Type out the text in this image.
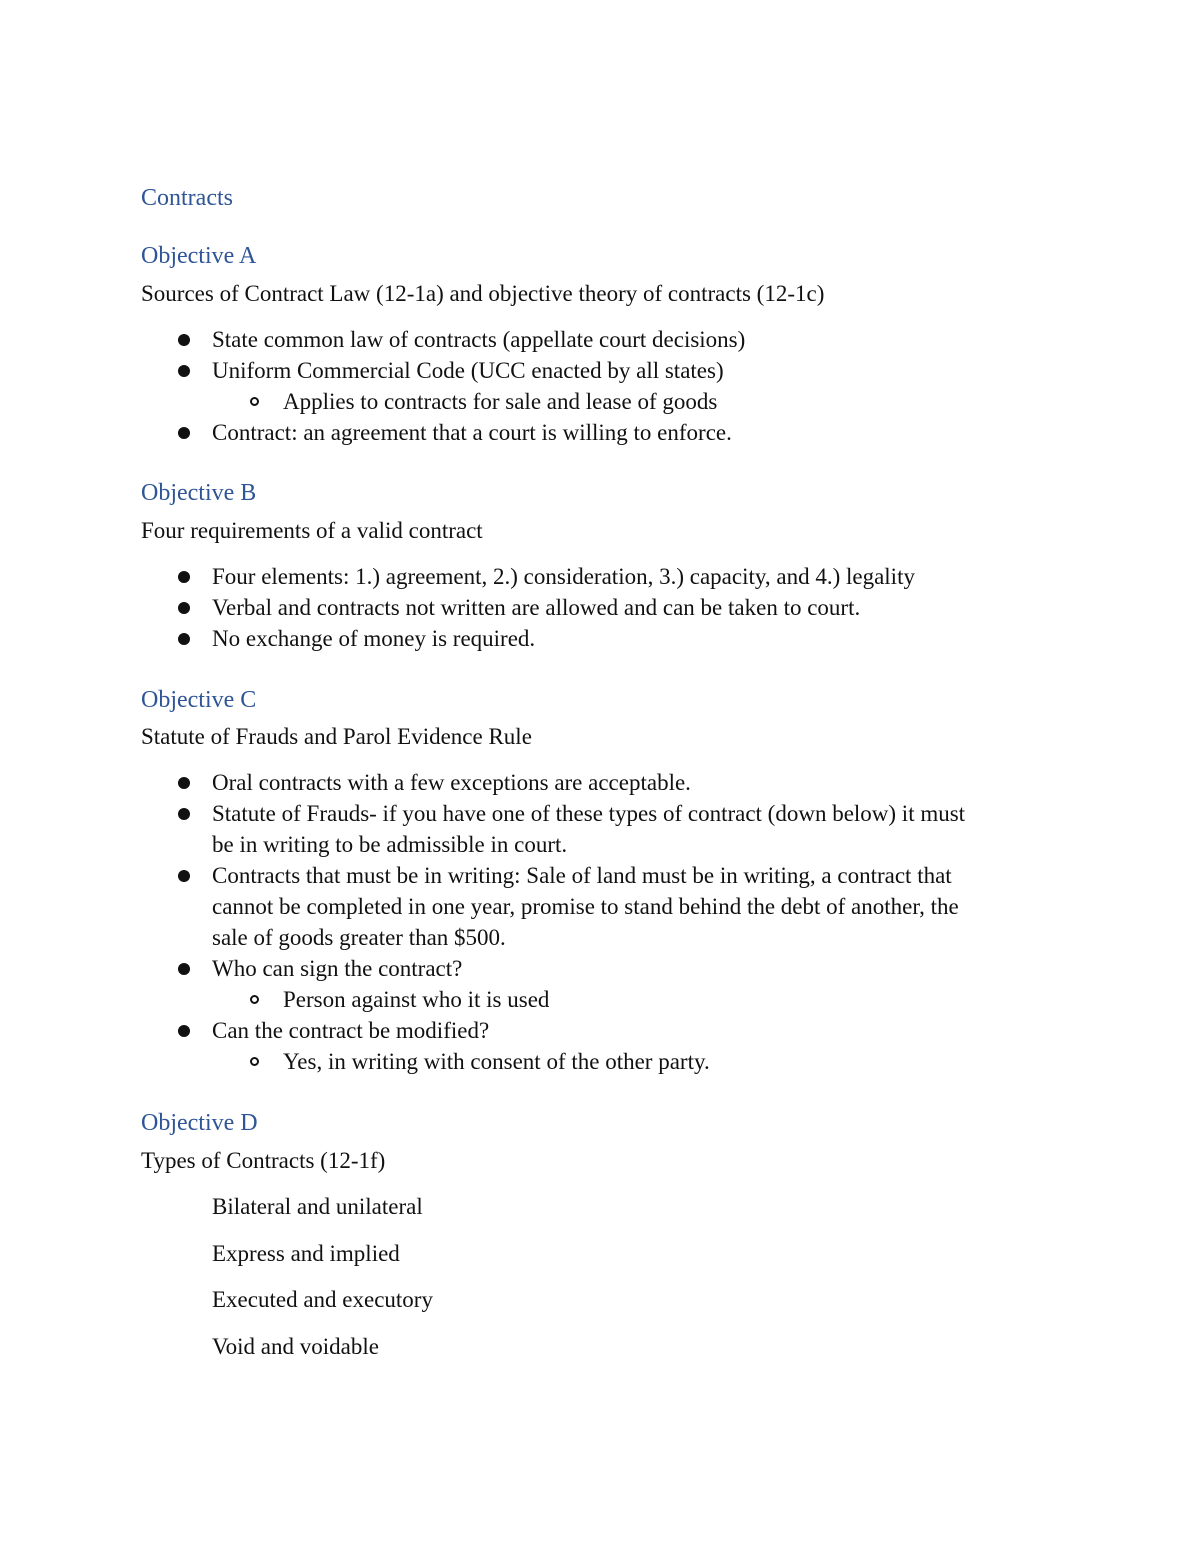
Contracts
Objective A
Sources of Contract Law (12-1a) and objective theory of contracts (12-1c)
State common law of contracts (appellate court decisions)
Uniform Commercial Code (UCC enacted by all states)
Applies to contracts for sale and lease of goods
Contract: an agreement that a court is willing to enforce.
Objective B
Four requirements of a valid contract
Four elements: 1.) agreement, 2.) consideration, 3.) capacity, and 4.) legality
Verbal and contracts not written are allowed and can be taken to court.
No exchange of money is required.
Objective C
Statute of Frauds and Parol Evidence Rule
Oral contracts with a few exceptions are acceptable.
Statute of Frauds- if you have one of these types of contract (down below) it must
be in writing to be admissible in court.
Contracts that must be in writing: Sale of land must be in writing, a contract that
cannot be completed in one year, promise to stand behind the debt of another, the
sale of goods greater than $500.
Who can sign the contract?
Person against who it is used
Can the contract be modified?
Yes, in writing with consent of the other party.
Objective D
Types of Contracts (12-1f)
Bilateral and unilateral
Express and implied
Executed and executory
Void and voidable
